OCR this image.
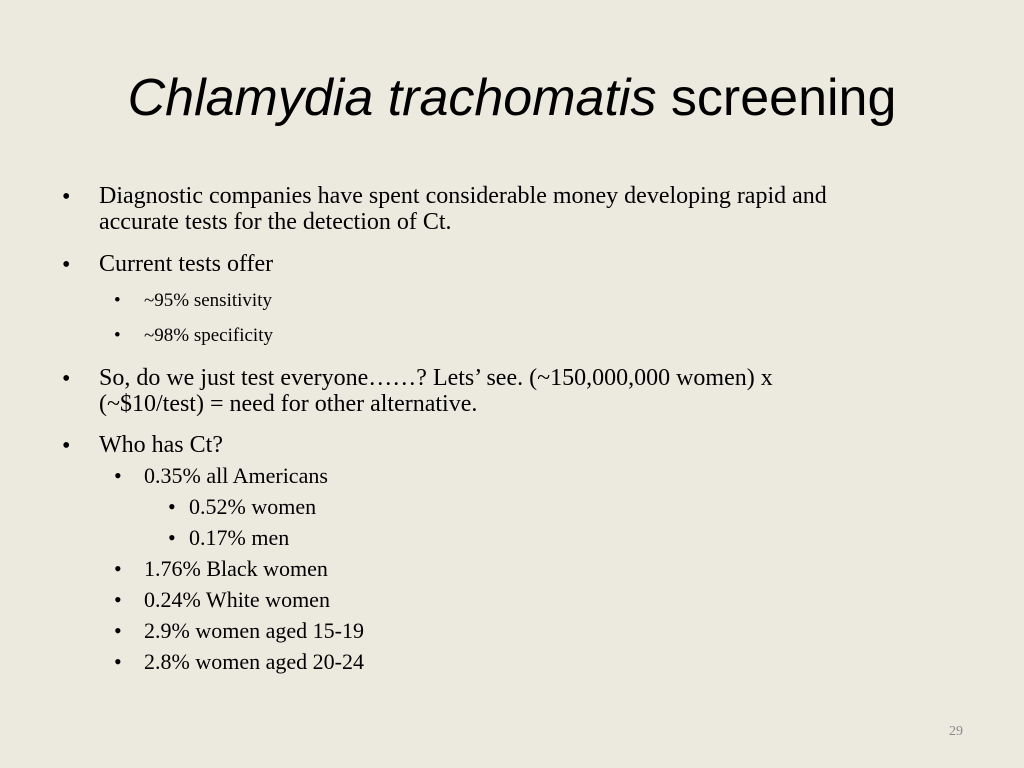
Chlamydia trachomatis screening
• Diagnostic companies have spent considerable money developing rapid and
accurate tests for the detection of Ct.
• Current tests offer
• ~95% sensitivity
• ~98% specificity
• So, do we just test everyone……? Lets’ see. (~150,000,000 women) x
(~$10/test) = need for other alternative.
• Who has Ct?
• 0.35% all Americans
• 0.52% women
• 0.17% men
• 1.76% Black women
• 0.24% White women
• 2.9% women aged 15-19
• 2.8% women aged 20-24
29
